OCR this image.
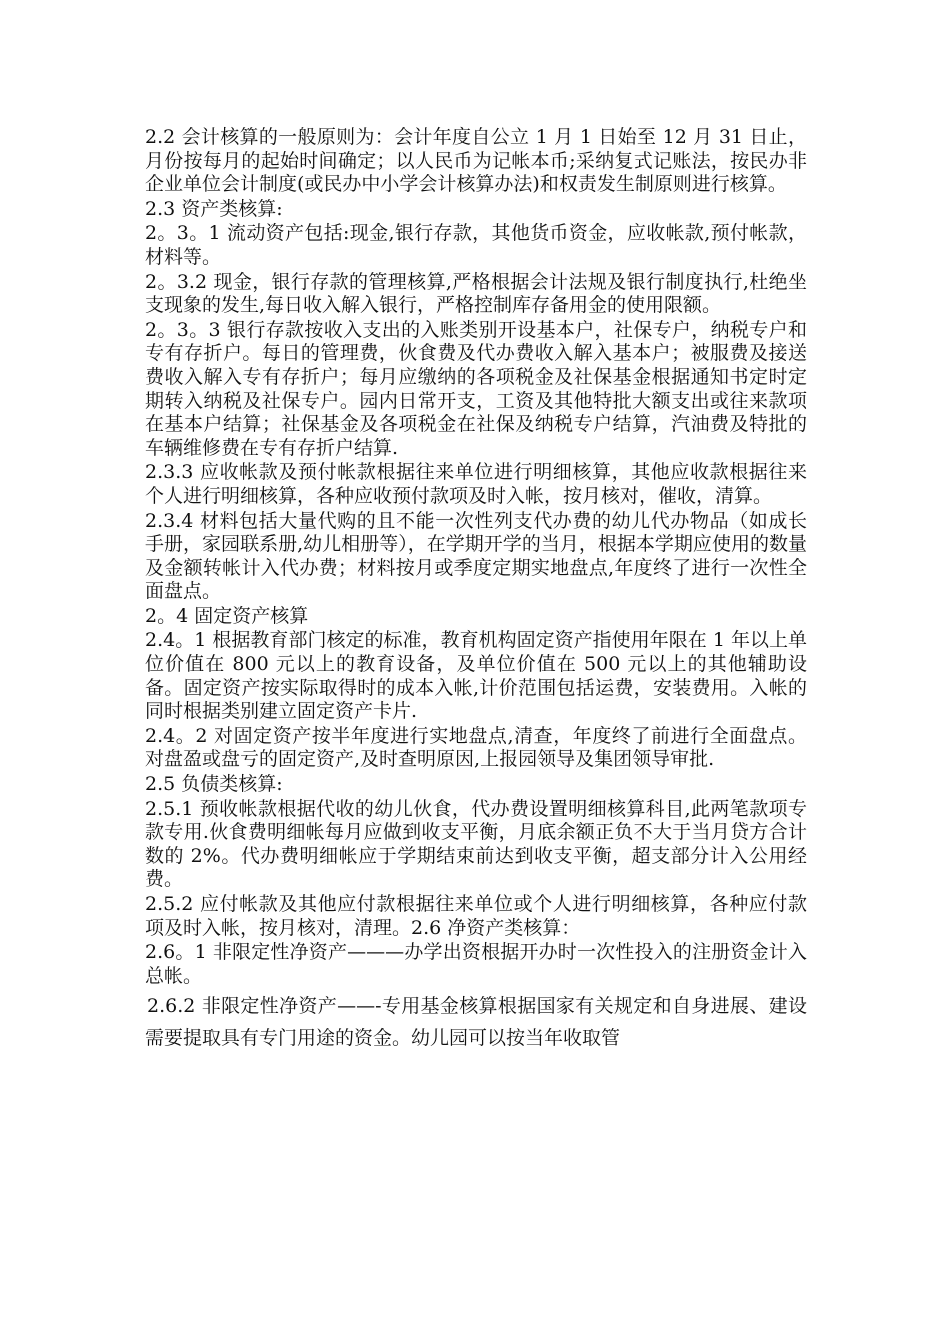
2.2 会计核算的一般原则为：会计年度自公立 1 月 1 日始至 12 月 31 日止，月份按每月的起始时间确定；以人民币为记帐本币;采纳复式记账法，按民办非企业单位会计制度(或民办中小学会计核算办法)和权责发生制原则进行核算。

2.3 资产类核算:

2。3。1 流动资产包括:现金,银行存款，其他货币资金，应收帐款,预付帐款，材料等。

2。3.2 现金，银行存款的管理核算,严格根据会计法规及银行制度执行,杜绝坐支现象的发生,每日收入解入银行，严格控制库存备用金的使用限额。

2。3。3 银行存款按收入支出的入账类别开设基本户，社保专户，纳税专户和专有存折户。每日的管理费，伙食费及代办费收入解入基本户；被服费及接送费收入解入专有存折户；每月应缴纳的各项税金及社保基金根据通知书定时定期转入纳税及社保专户。园内日常开支，工资及其他特批大额支出或往来款项在基本户结算；社保基金及各项税金在社保及纳税专户结算，汽油费及特批的车辆维修费在专有存折户结算.

2.3.3 应收帐款及预付帐款根据往来单位进行明细核算，其他应收款根据往来个人进行明细核算，各种应收预付款项及时入帐，按月核对，催收，清算。

2.3.4 材料包括大量代购的且不能一次性列支代办费的幼儿代办物品（如成长手册，家园联系册,幼儿相册等），在学期开学的当月，根据本学期应使用的数量及金额转帐计入代办费；材料按月或季度定期实地盘点,年度终了进行一次性全面盘点。

2。4 固定资产核算

2.4。1 根据教育部门核定的标准，教育机构固定资产指使用年限在 1 年以上单位价值在 800 元以上的教育设备，及单位价值在 500 元以上的其他辅助设备。固定资产按实际取得时的成本入帐,计价范围包括运费，安装费用。入帐的同时根据类别建立固定资产卡片.

2.4。2 对固定资产按半年度进行实地盘点,清查，年度终了前进行全面盘点。对盘盈或盘亏的固定资产,及时查明原因,上报园领导及集团领导审批.

2.5 负债类核算:

2.5.1 预收帐款根据代收的幼儿伙食，代办费设置明细核算科目,此两笔款项专款专用.伙食费明细帐每月应做到收支平衡，月底余额正负不大于当月贷方合计数的 2%。代办费明细帐应于学期结束前达到收支平衡，超支部分计入公用经费。

2.5.2 应付帐款及其他应付款根据往来单位或个人进行明细核算，各种应付款项及时入帐，按月核对，清理。2.6 净资产类核算：

2.6。1 非限定性净资产———办学出资根据开办时一次性投入的注册资金计入总帐。

2.6.2 非限定性净资产——-专用基金核算根据国家有关规定和自身进展、建设需要提取具有专门用途的资金。幼儿园可以按当年收取管
